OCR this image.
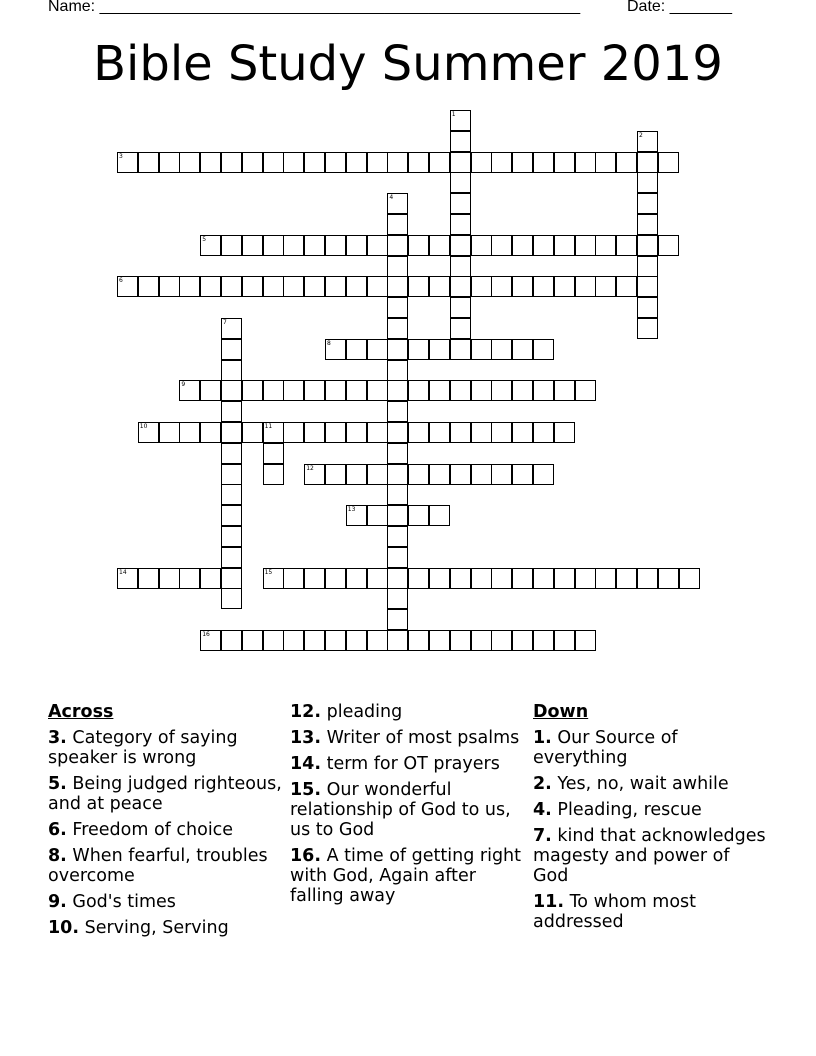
Name: ______________________________________________________	Date: _______
Bible Study Summer 2019
1
2
3
4
5
6
7
8
9
10	11
12
13
14	15
16
Across
3. Category of saying speaker is wrong
5. Being judged righteous, and at peace
6. Freedom of choice
8. When fearful, troubles overcome
9. God's times
10. Serving, Serving
12. pleading
13. Writer of most psalms
14. term for OT prayers
15. Our wonderful relationship of God to us, us to God
16. A time of getting right with God, Again after falling away
Down
1. Our Source of everything
2. Yes, no, wait awhile
4. Pleading, rescue
7. kind that acknowledges magesty and power of God
11. To whom most addressed
